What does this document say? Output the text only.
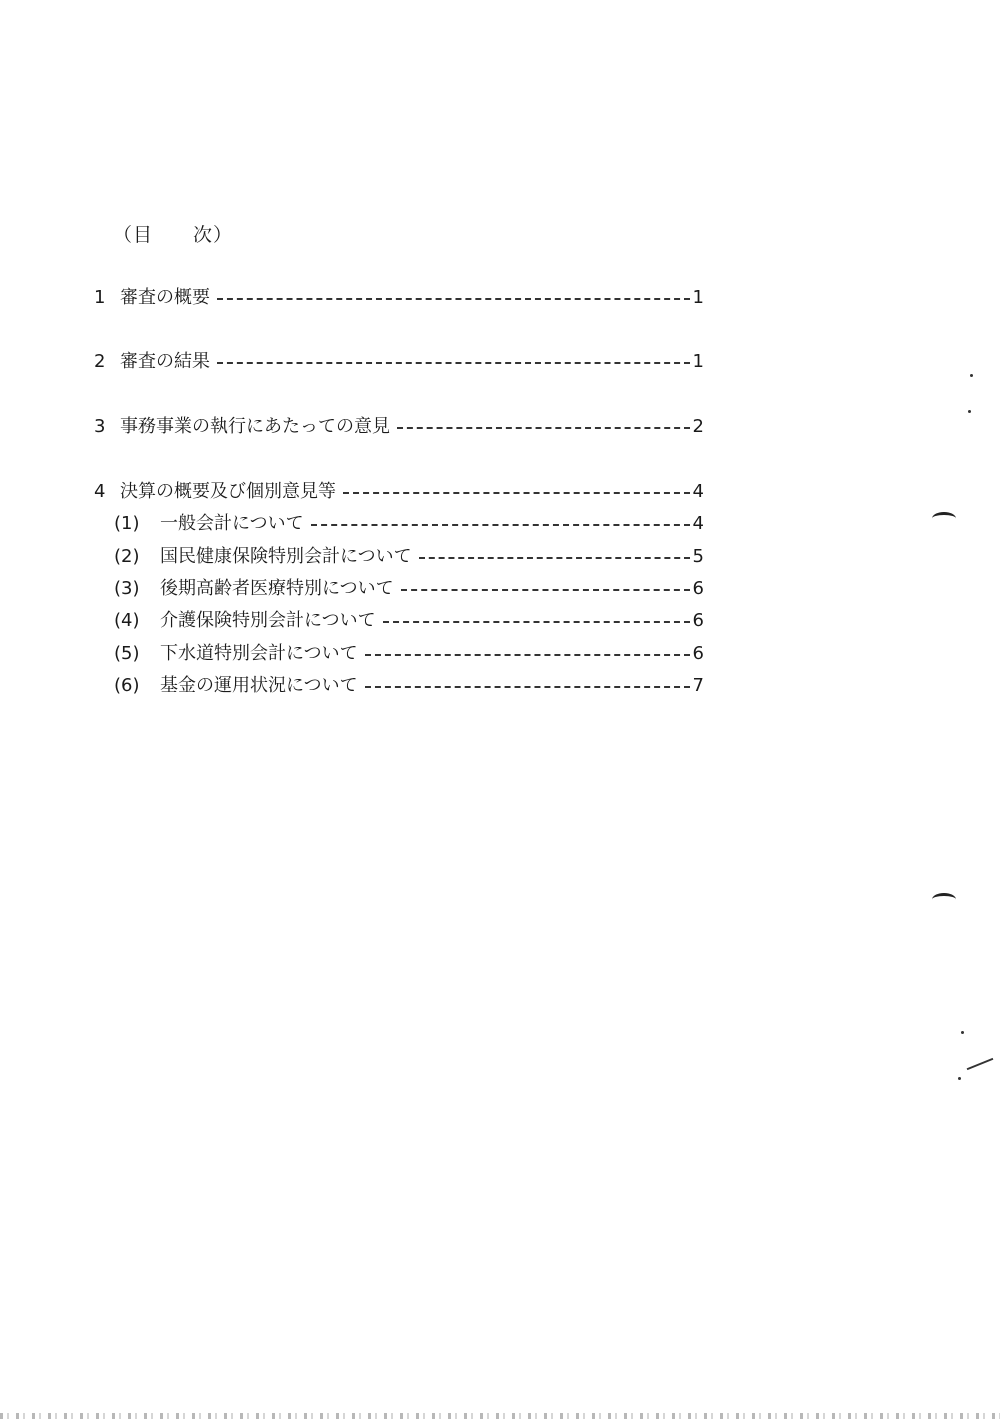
（目　　次）
1 審査の概要	1
2 審査の結果	1
3 事務事業の執行にあたっての意見	2
4 決算の概要及び個別意見等	4
(1)	一般会計について	4
(2)	国民健康保険特別会計について	5
(3)	後期高齢者医療特別について	6
(4)	介護保険特別会計について	6
(5)	下水道特別会計について	6
(6)	基金の運用状況について	7
